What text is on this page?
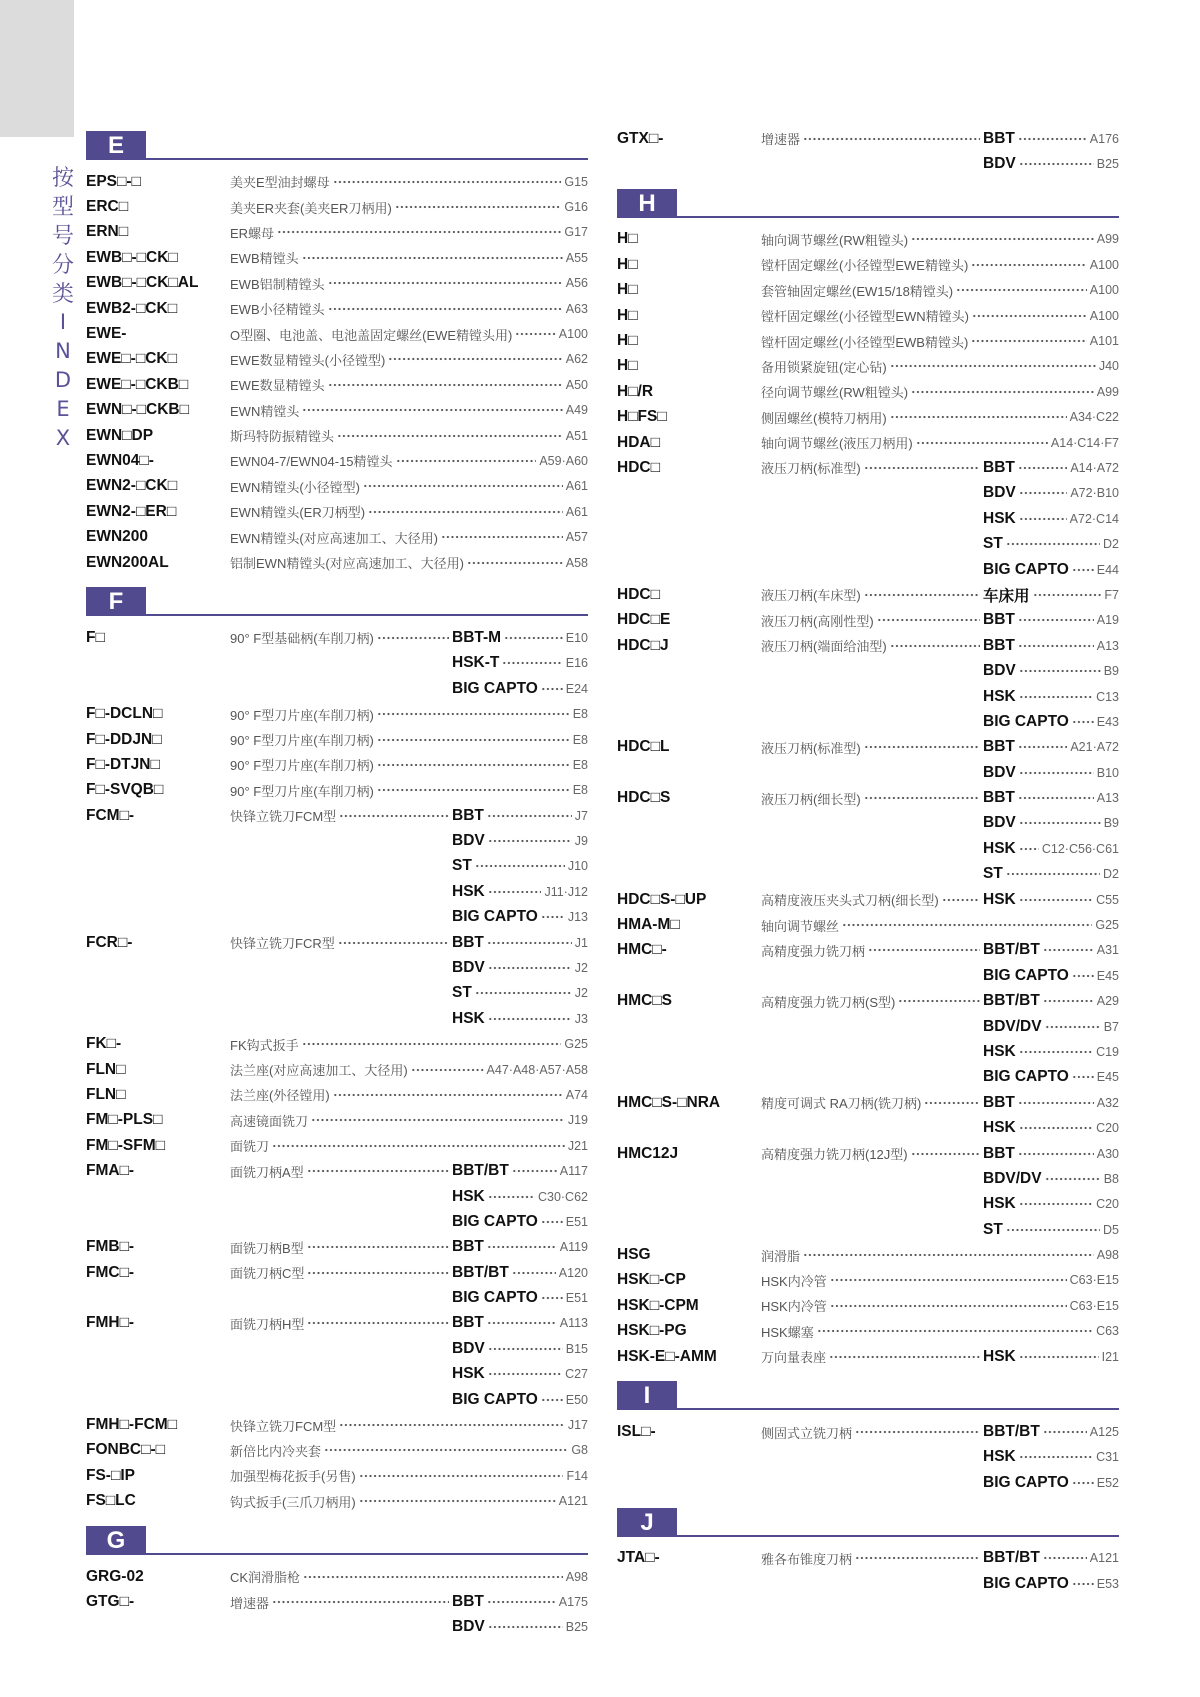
按
型
号
分
类
I
N
D
E
X
E
EPS□-□	美夹E型油封螺母	G15
ERC□	美夹ER夹套(美夹ER刀柄用)	G16
ERN□	ER螺母	G17
EWB□-□CK□	EWB精镗头	A55
EWB□-□CK□AL	EWB铝制精镗头	A56
EWB2-□CK□	EWB小径精镗头	A63
EWE-	O型圈、电池盖、电池盖固定螺丝(EWE精镗头用)	A100
EWE□-□CK□	EWE数显精镗头(小径镗型)	A62
EWE□-□CKB□	EWE数显精镗头	A50
EWN□-□CKB□	EWN精镗头	A49
EWN□DP	斯玛特防振精镗头	A51
EWN04□-	EWN04-7/EWN04-15精镗头	A59·A60
EWN2-□CK□	EWN精镗头(小径镗型)	A61
EWN2-□ER□	EWN精镗头(ER刀柄型)	A61
EWN200	EWN精镗头(对应高速加工、大径用)	A57
EWN200AL	铝制EWN精镗头(对应高速加工、大径用)	A58
F
F□	90° F型基础柄(车削刀柄)	BBT-M	E10
HSK-T	E16
BIG CAPTO E24
F□-DCLN□	90° F型刀片座(车削刀柄)	E8
F□-DDJN□	90° F型刀片座(车削刀柄)	E8
F□-DTJN□	90° F型刀片座(车削刀柄)	E8
F□-SVQB□	90° F型刀片座(车削刀柄)	E8
FCM□-	快锋立铣刀FCM型	BBT	J7
BDV	J9
ST	J10
HSK	J11·J12
BIG CAPTO J13
FCR□-	快锋立铣刀FCR型	BBT	J1
BDV	J2
ST	J2
HSK	J3
FK□-	FK钩式扳手	G25
FLN□	法兰座(对应高速加工、大径用)	A47·A48·A57·A58
FLN□	法兰座(外径镗用)	A74
FM□-PLS□	高速镜面铣刀	J19
FM□-SFM□	面铣刀	J21
FMA□-	面铣刀柄A型	BBT/BT	A117
HSK	C30·C62
BIG CAPTO E51
FMB□-	面铣刀柄B型	BBT	A119
FMC□-	面铣刀柄C型	BBT/BT	A120
BIG CAPTO E51
FMH□-	面铣刀柄H型	BBT	A113
BDV	B15
HSK	C27
BIG CAPTO E50
FMH□-FCM□	快锋立铣刀FCM型	J17
FONBC□-□	新倍比内冷夹套	G8
FS-□IP	加强型梅花扳手(另售)	F14
FS□LC	钩式扳手(三爪刀柄用)	A121
G
GRG-02	CK润滑脂枪	A98
GTG□-	增速器	BBT	A175
BDV	B25
GTX□-	增速器	BBT	A176
BDV	B25
H
H□	轴向调节螺丝(RW粗镗头)	A99
H□	镗杆固定螺丝(小径镗型EWE精镗头)	A100
H□	套管轴固定螺丝(EW15/18精镗头)	A100
H□	镗杆固定螺丝(小径镗型EWN精镗头)	A100
H□	镗杆固定螺丝(小径镗型EWB精镗头)	A101
H□	备用锁紧旋钮(定心钻)	J40
H□/R	径向调节螺丝(RW粗镗头)	A99
H□FS□	侧固螺丝(模特刀柄用)	A34·C22
HDA□	轴向调节螺丝(液压刀柄用)	A14·C14·F7
HDC□	液压刀柄(标准型)	BBT	A14·A72
BDV	A72·B10
HSK	A72·C14
ST	D2
BIG CAPTO E44
HDC□	液压刀柄(车床型)	车床用	F7
HDC□E	液压刀柄(高刚性型)	BBT	A19
HDC□J	液压刀柄(端面给油型)	BBT	A13
BDV	B9
HSK	C13
BIG CAPTO E43
HDC□L	液压刀柄(标准型)	BBT	A21·A72
BDV	B10
HDC□S	液压刀柄(细长型)	BBT	A13
BDV	B9
HSK C12·C56·C61
ST	D2
HDC□S-□UP	高精度液压夹头式刀柄(细长型)	HSK	C55
HMA-M□	轴向调节螺丝	G25
HMC□-	高精度强力铣刀柄	BBT/BT	A31
BIG CAPTO E45
HMC□S	高精度强力铣刀柄(S型)	BBT/BT	A29
BDV/DV	B7
HSK	C19
BIG CAPTO E45
HMC□S-□NRA	精度可调式 RA刀柄(铣刀柄)	BBT	A32
HSK	C20
HMC12J	高精度强力铣刀柄(12J型)	BBT	A30
BDV/DV	B8
HSK	C20
ST	D5
HSG	润滑脂	A98
HSK□-CP	HSK内冷管	C63·E15
HSK□-CPM	HSK内冷管	C63·E15
HSK□-PG	HSK螺塞	C63
HSK-E□-AMM	万向量表座	HSK	I21
I
ISL□-	侧固式立铣刀柄	BBT/BT	A125
HSK	C31
BIG CAPTO E52
J
JTA□-	雅各布锥度刀柄	BBT/BT	A121
BIG CAPTO E53
